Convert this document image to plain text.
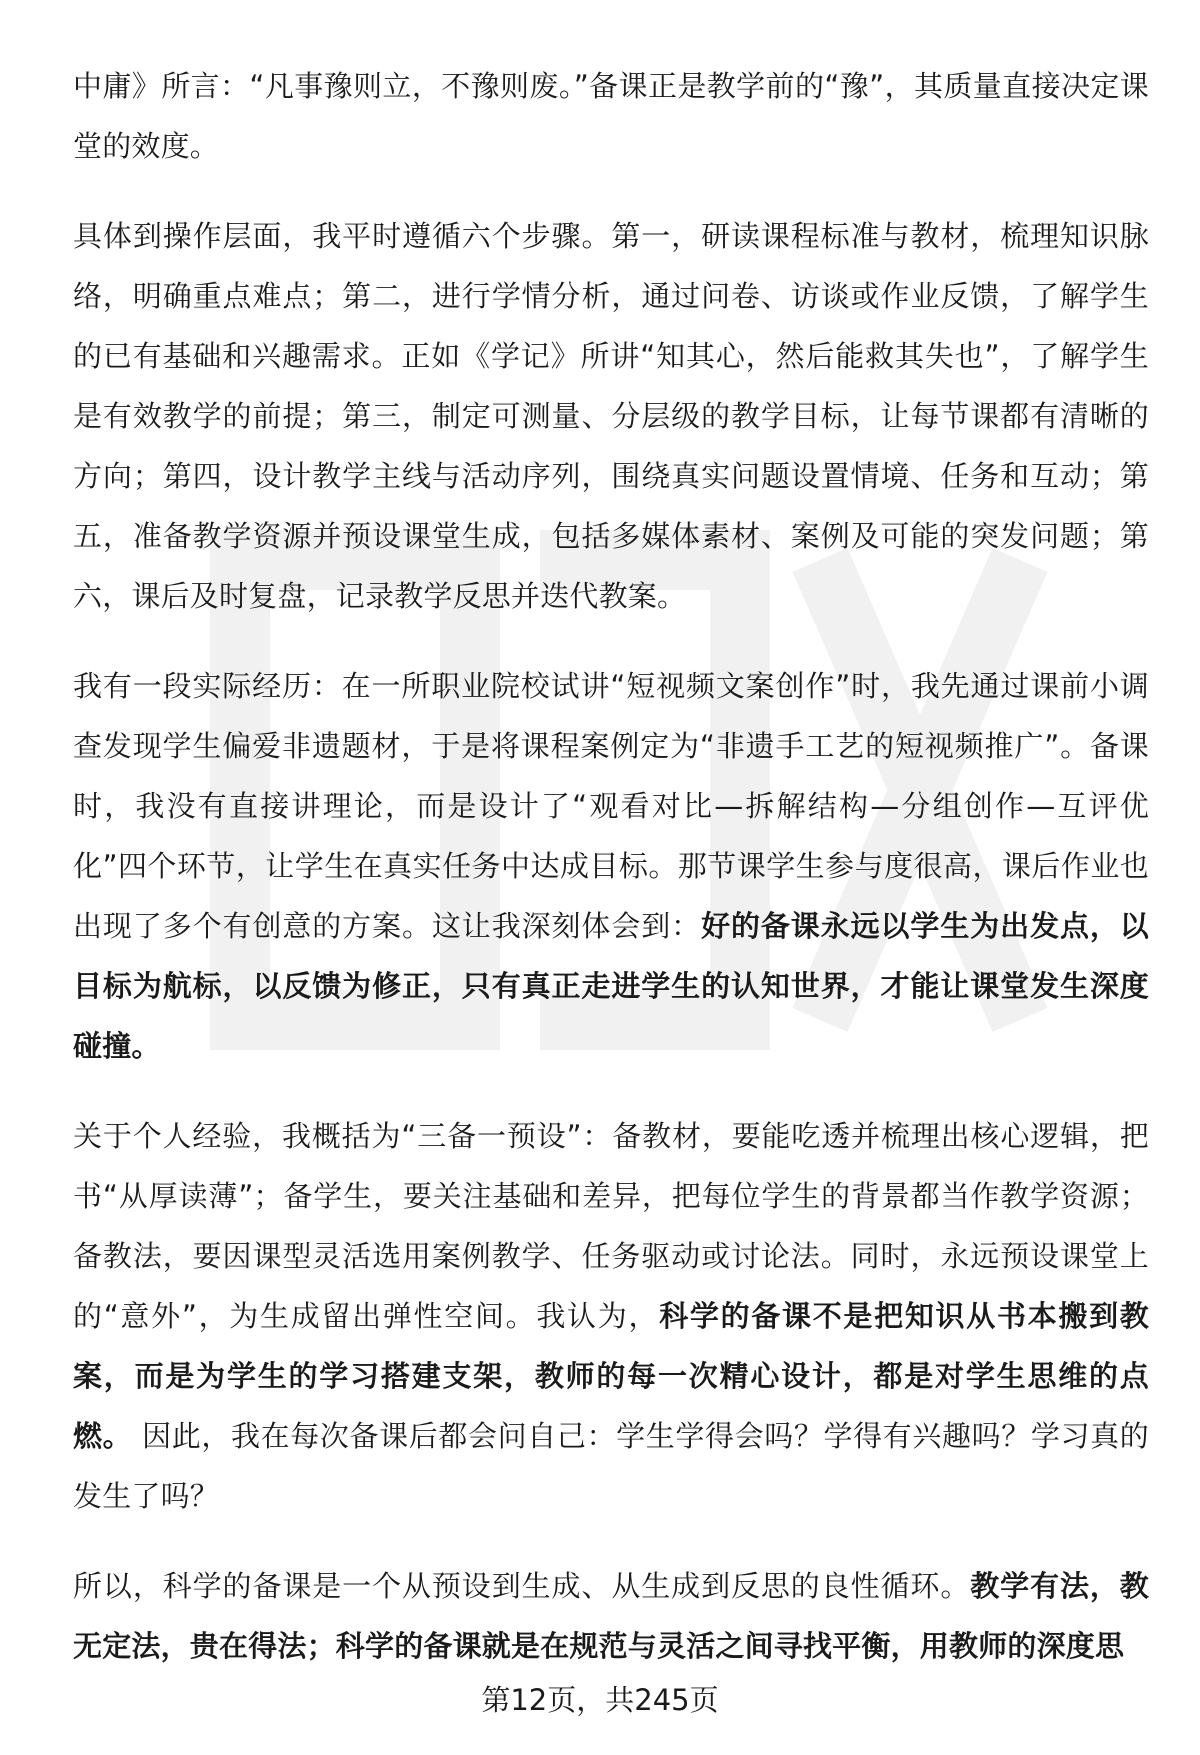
中庸》所言：“凡事豫则立，不豫则废。”备课正是教学前的“豫”，其质量直接决定课堂的效度。

具体到操作层面，我平时遵循六个步骤。第一，研读课程标准与教材，梳理知识脉络，明确重点难点；第二，进行学情分析，通过问卷、访谈或作业反馈，了解学生的已有基础和兴趣需求。正如《学记》所讲“知其心，然后能救其失也”，了解学生是有效教学的前提；第三，制定可测量、分层级的教学目标，让每节课都有清晰的方向；第四，设计教学主线与活动序列，围绕真实问题设置情境、任务和互动；第五，准备教学资源并预设课堂生成，包括多媒体素材、案例及可能的突发问题；第六，课后及时复盘，记录教学反思并迭代教案。

我有一段实际经历：在一所职业院校试讲“短视频文案创作”时，我先通过课前小调查发现学生偏爱非遗题材，于是将课程案例定为“非遗手工艺的短视频推广”。备课时，我没有直接讲理论，而是设计了“观看对比—拆解结构—分组创作—互评优化”四个环节，让学生在真实任务中达成目标。那节课学生参与度很高，课后作业也出现了多个有创意的方案。这让我深刻体会到：好的备课永远以学生为出发点，以目标为航标，以反馈为修正，只有真正走进学生的认知世界，才能让课堂发生深度碰撞。

关于个人经验，我概括为“三备一预设”：备教材，要能吃透并梳理出核心逻辑，把书“从厚读薄”；备学生，要关注基础和差异，把每位学生的背景都当作教学资源；备教法，要因课型灵活选用案例教学、任务驱动或讨论法。同时，永远预设课堂上的“意外”，为生成留出弹性空间。我认为，科学的备课不是把知识从书本搬到教案，而是为学生的学习搭建支架，教师的每一次精心设计，都是对学生思维的点燃。 因此，我在每次备课后都会问自己：学生学得会吗？学得有兴趣吗？学习真的发生了吗？

所以，科学的备课是一个从预设到生成、从生成到反思的良性循环。教学有法，教无定法，贵在得法；科学的备课就是在规范与灵活之间寻找平衡，用教师的深度思

第12页，共245页
